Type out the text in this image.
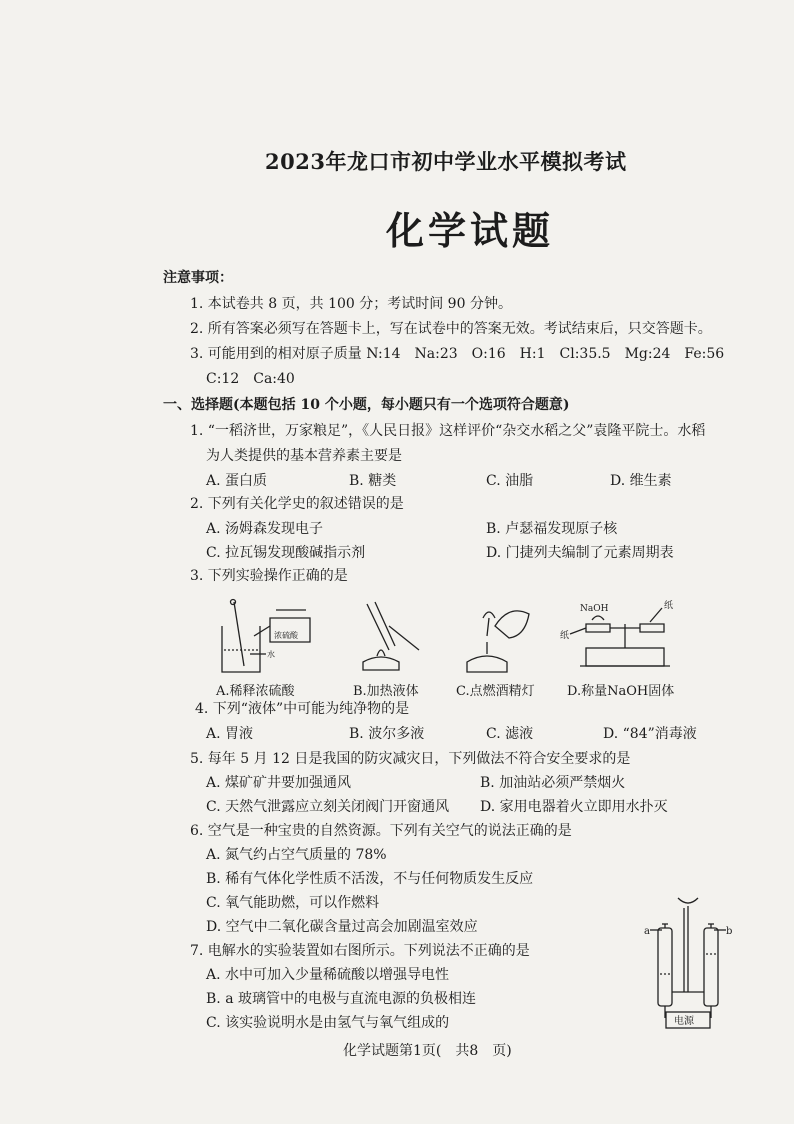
2023年龙口市初中学业水平模拟考试
化学试题
注意事项：
1. 本试卷共 8 页，共 100 分；考试时间 90 分钟。
2. 所有答案必须写在答题卡上，写在试卷中的答案无效。考试结束后，只交答题卡。
3. 可能用到的相对原子质量 N:14　Na:23　O:16　H:1　Cl:35.5　Mg:24　Fe:56
C:12　Ca:40
一、选择题(本题包括 10 个小题，每小题只有一个选项符合题意)
1. “一稻济世，万家粮足”，《人民日报》这样评价“杂交水稻之父”袁隆平院士。水稻
为人类提供的基本营养素主要是
A. 蛋白质	B. 糖类	C. 油脂	D. 维生素
2. 下列有关化学史的叙述错误的是
A. 汤姆森发现电子	B. 卢瑟福发现原子核
C. 拉瓦锡发现酸碱指示剂	D. 门捷列夫编制了元素周期表
3. 下列实验操作正确的是
浓硫酸
水
A.稀释浓硫酸	B.加热液体	C.点燃酒精灯
NaOH	纸
纸
D.称量NaOH固体
4. 下列“液体”中可能为纯净物的是
A. 胃液	B. 波尔多液	C. 滤液	D. “84”消毒液
5. 每年 5 月 12 日是我国的防灾减灾日，下列做法不符合安全要求的是
A. 煤矿矿井要加强通风	B. 加油站必须严禁烟火
C. 天然气泄露应立刻关闭阀门开窗通风 D. 家用电器着火立即用水扑灭
6. 空气是一种宝贵的自然资源。下列有关空气的说法正确的是
A. 氮气约占空气质量的 78%
B. 稀有气体化学性质不活泼，不与任何物质发生反应
C. 氧气能助燃，可以作燃料
D. 空气中二氧化碳含量过高会加剧温室效应
7. 电解水的实验装置如右图所示。下列说法不正确的是
A. 水中可加入少量稀硫酸以增强导电性
B. a 玻璃管中的电极与直流电源的负极相连
C. 该实验说明水是由氢气与氧气组成的
a	b
电源
化学试题第1页(　共8　页)
